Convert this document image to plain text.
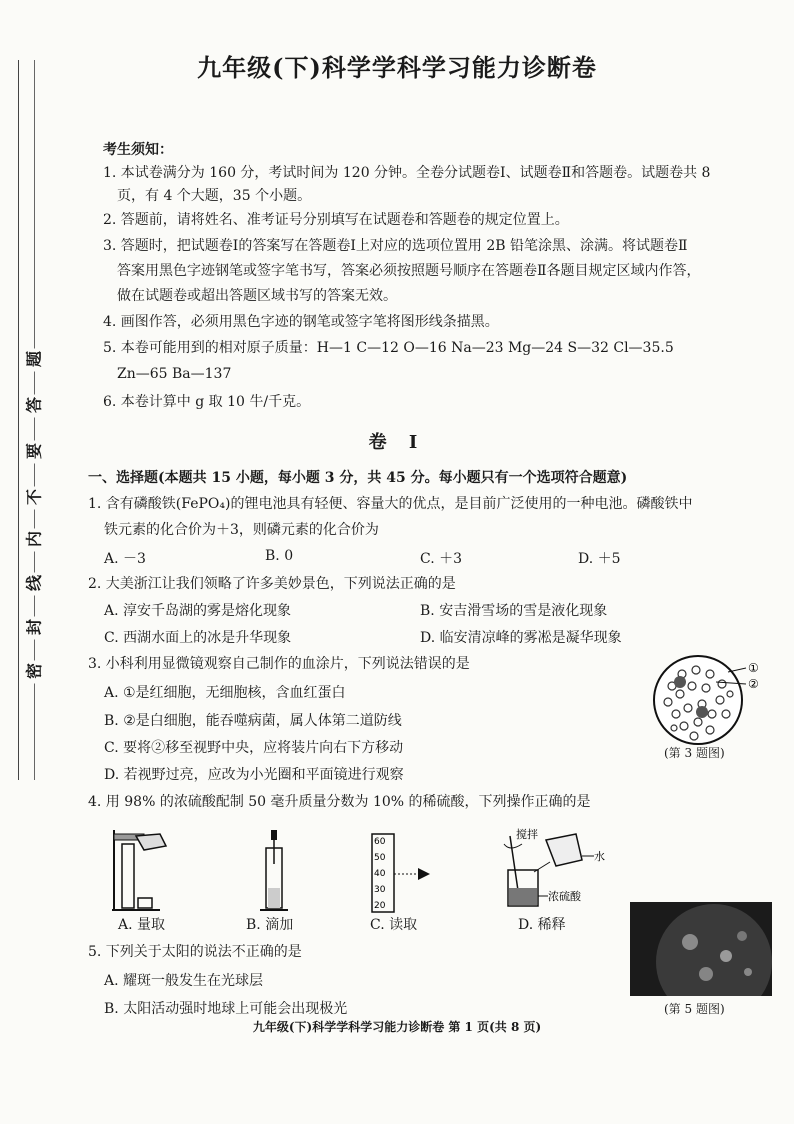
题
答
要
不
内
线
封
密
九年级(下)科学学科学习能力诊断卷
考生须知：
1. 本试卷满分为 160 分，考试时间为 120 分钟。全卷分试题卷Ⅰ、试题卷Ⅱ和答题卷。试题卷共 8
页，有 4 个大题，35 个小题。
2. 答题前，请将姓名、准考证号分别填写在试题卷和答题卷的规定位置上。
3. 答题时，把试题卷Ⅰ的答案写在答题卷Ⅰ上对应的选项位置用 2B 铅笔涂黑、涂满。将试题卷Ⅱ
答案用黑色字迹钢笔或签字笔书写，答案必须按照题号顺序在答题卷Ⅱ各题目规定区域内作答，
做在试题卷或超出答题区域书写的答案无效。
4. 画图作答，必须用黑色字迹的钢笔或签字笔将图形线条描黑。
5. 本卷可能用到的相对原子质量：H—1 C—12 O—16 Na—23 Mg—24 S—32 Cl—35.5
Zn—65 Ba—137
6. 本卷计算中 g 取 10 牛/千克。
卷 Ⅰ
一、选择题(本题共 15 小题，每小题 3 分，共 45 分。每小题只有一个选项符合题意)
1. 含有磷酸铁(FePO₄)的锂电池具有轻便、容量大的优点，是目前广泛使用的一种电池。磷酸铁中
铁元素的化合价为＋3，则磷元素的化合价为
A. －3	B. 0	C. ＋3	D. ＋5
2. 大美浙江让我们领略了许多美妙景色，下列说法正确的是
A. 淳安千岛湖的雾是熔化现象	B. 安吉滑雪场的雪是液化现象
C. 西湖水面上的冰是升华现象	D. 临安清凉峰的雾凇是凝华现象
3. 小科利用显微镜观察自己制作的血涂片，下列说法错误的是
A. ①是红细胞，无细胞核，含血红蛋白
B. ②是白细胞，能吞噬病菌，属人体第二道防线
C. 要将②移至视野中央，应将装片向右下方移动
D. 若视野过亮，应改为小光圈和平面镜进行观察
①
②
(第 3 题图)
4. 用 98% 的浓硫酸配制 50 毫升质量分数为 10% 的稀硫酸，下列操作正确的是
60
50
40
30
20
搅拌
水
浓硫酸
A. 量取	B. 滴加	C. 读取	D. 稀释
5. 下列关于太阳的说法不正确的是
A. 耀斑一般发生在光球层
B. 太阳活动强时地球上可能会出现极光	(第 5 题图)
九年级(下)科学学科学习能力诊断卷 第 1 页(共 8 页)
